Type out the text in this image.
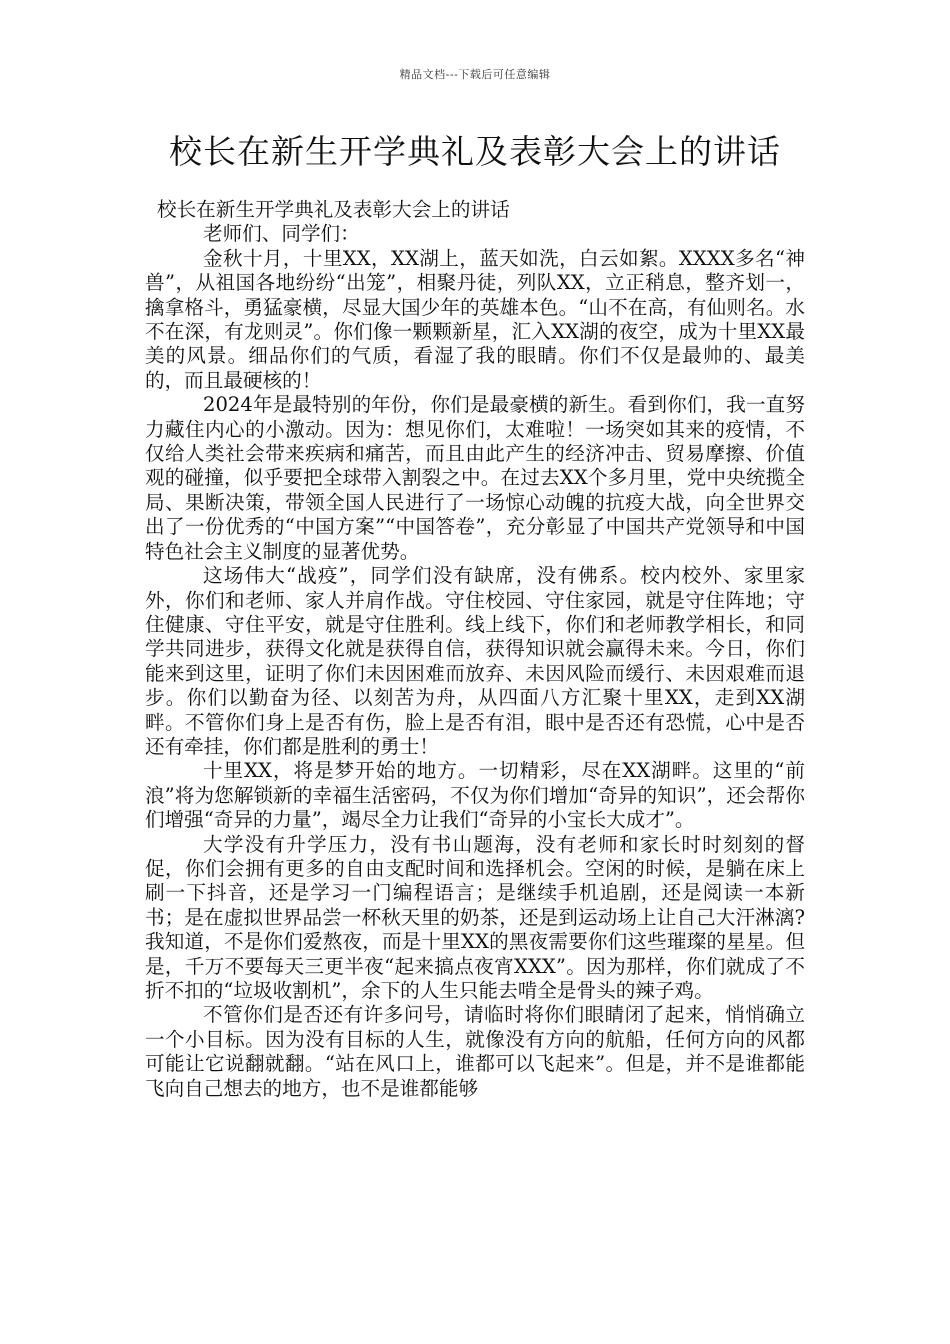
精品文档---下载后可任意编辑
校长在新生开学典礼及表彰大会上的讲话

校长在新生开学典礼及表彰大会上的讲话

老师们、同学们：

金秋十月，十里XX，XX湖上，蓝天如洗，白云如絮。XXXX多名“神兽”，从祖国各地纷纷“出笼”，相聚丹徒，列队XX，立正稍息，整齐划一，擒拿格斗，勇猛豪横，尽显大国少年的英雄本色。“山不在高，有仙则名。水不在深，有龙则灵”。你们像一颗颗新星，汇入XX湖的夜空，成为十里XX最美的风景。细品你们的气质，看湿了我的眼睛。你们不仅是最帅的、最美的，而且最硬核的！

2024年是最特别的年份，你们是最豪横的新生。看到你们，我一直努力藏住内心的小激动。因为：想见你们，太难啦！一场突如其来的疫情，不仅给人类社会带来疾病和痛苦，而且由此产生的经济冲击、贸易摩擦、价值观的碰撞，似乎要把全球带入割裂之中。在过去XX个多月里，党中央统揽全局、果断决策，带领全国人民进行了一场惊心动魄的抗疫大战，向全世界交出了一份优秀的“中国方案”“中国答卷”，充分彰显了中国共产党领导和中国特色社会主义制度的显著优势。

这场伟大“战疫”，同学们没有缺席，没有佛系。校内校外、家里家外，你们和老师、家人并肩作战。守住校园、守住家园，就是守住阵地；守住健康、守住平安，就是守住胜利。线上线下，你们和老师教学相长，和同学共同进步，获得文化就是获得自信，获得知识就会赢得未来。今日，你们能来到这里，证明了你们未因困难而放弃、未因风险而缓行、未因艰难而退步。你们以勤奋为径、以刻苦为舟，从四面八方汇聚十里XX，走到XX湖畔。不管你们身上是否有伤，脸上是否有泪，眼中是否还有恐慌，心中是否还有牵挂，你们都是胜利的勇士！

十里XX，将是梦开始的地方。一切精彩，尽在XX湖畔。这里的“前浪”将为您解锁新的幸福生活密码，不仅为你们增加“奇异的知识”，还会帮你们增强“奇异的力量”，竭尽全力让我们“奇异的小宝长大成才”。

大学没有升学压力，没有书山题海，没有老师和家长时时刻刻的督促，你们会拥有更多的自由支配时间和选择机会。空闲的时候，是躺在床上刷一下抖音，还是学习一门编程语言；是继续手机追剧，还是阅读一本新书；是在虚拟世界品尝一杯秋天里的奶茶，还是到运动场上让自己大汗淋漓?我知道，不是你们爱熬夜，而是十里XX的黑夜需要你们这些璀璨的星星。但是，千万不要每天三更半夜“起来搞点夜宵XXX”。因为那样，你们就成了不折不扣的“垃圾收割机”，余下的人生只能去啃全是骨头的辣子鸡。

不管你们是否还有许多问号，请临时将你们眼睛闭了起来，悄悄确立一个小目标。因为没有目标的人生，就像没有方向的航船，任何方向的风都可能让它说翻就翻。“站在风口上，谁都可以飞起来”。但是，并不是谁都能飞向自己想去的地方，也不是谁都能够
